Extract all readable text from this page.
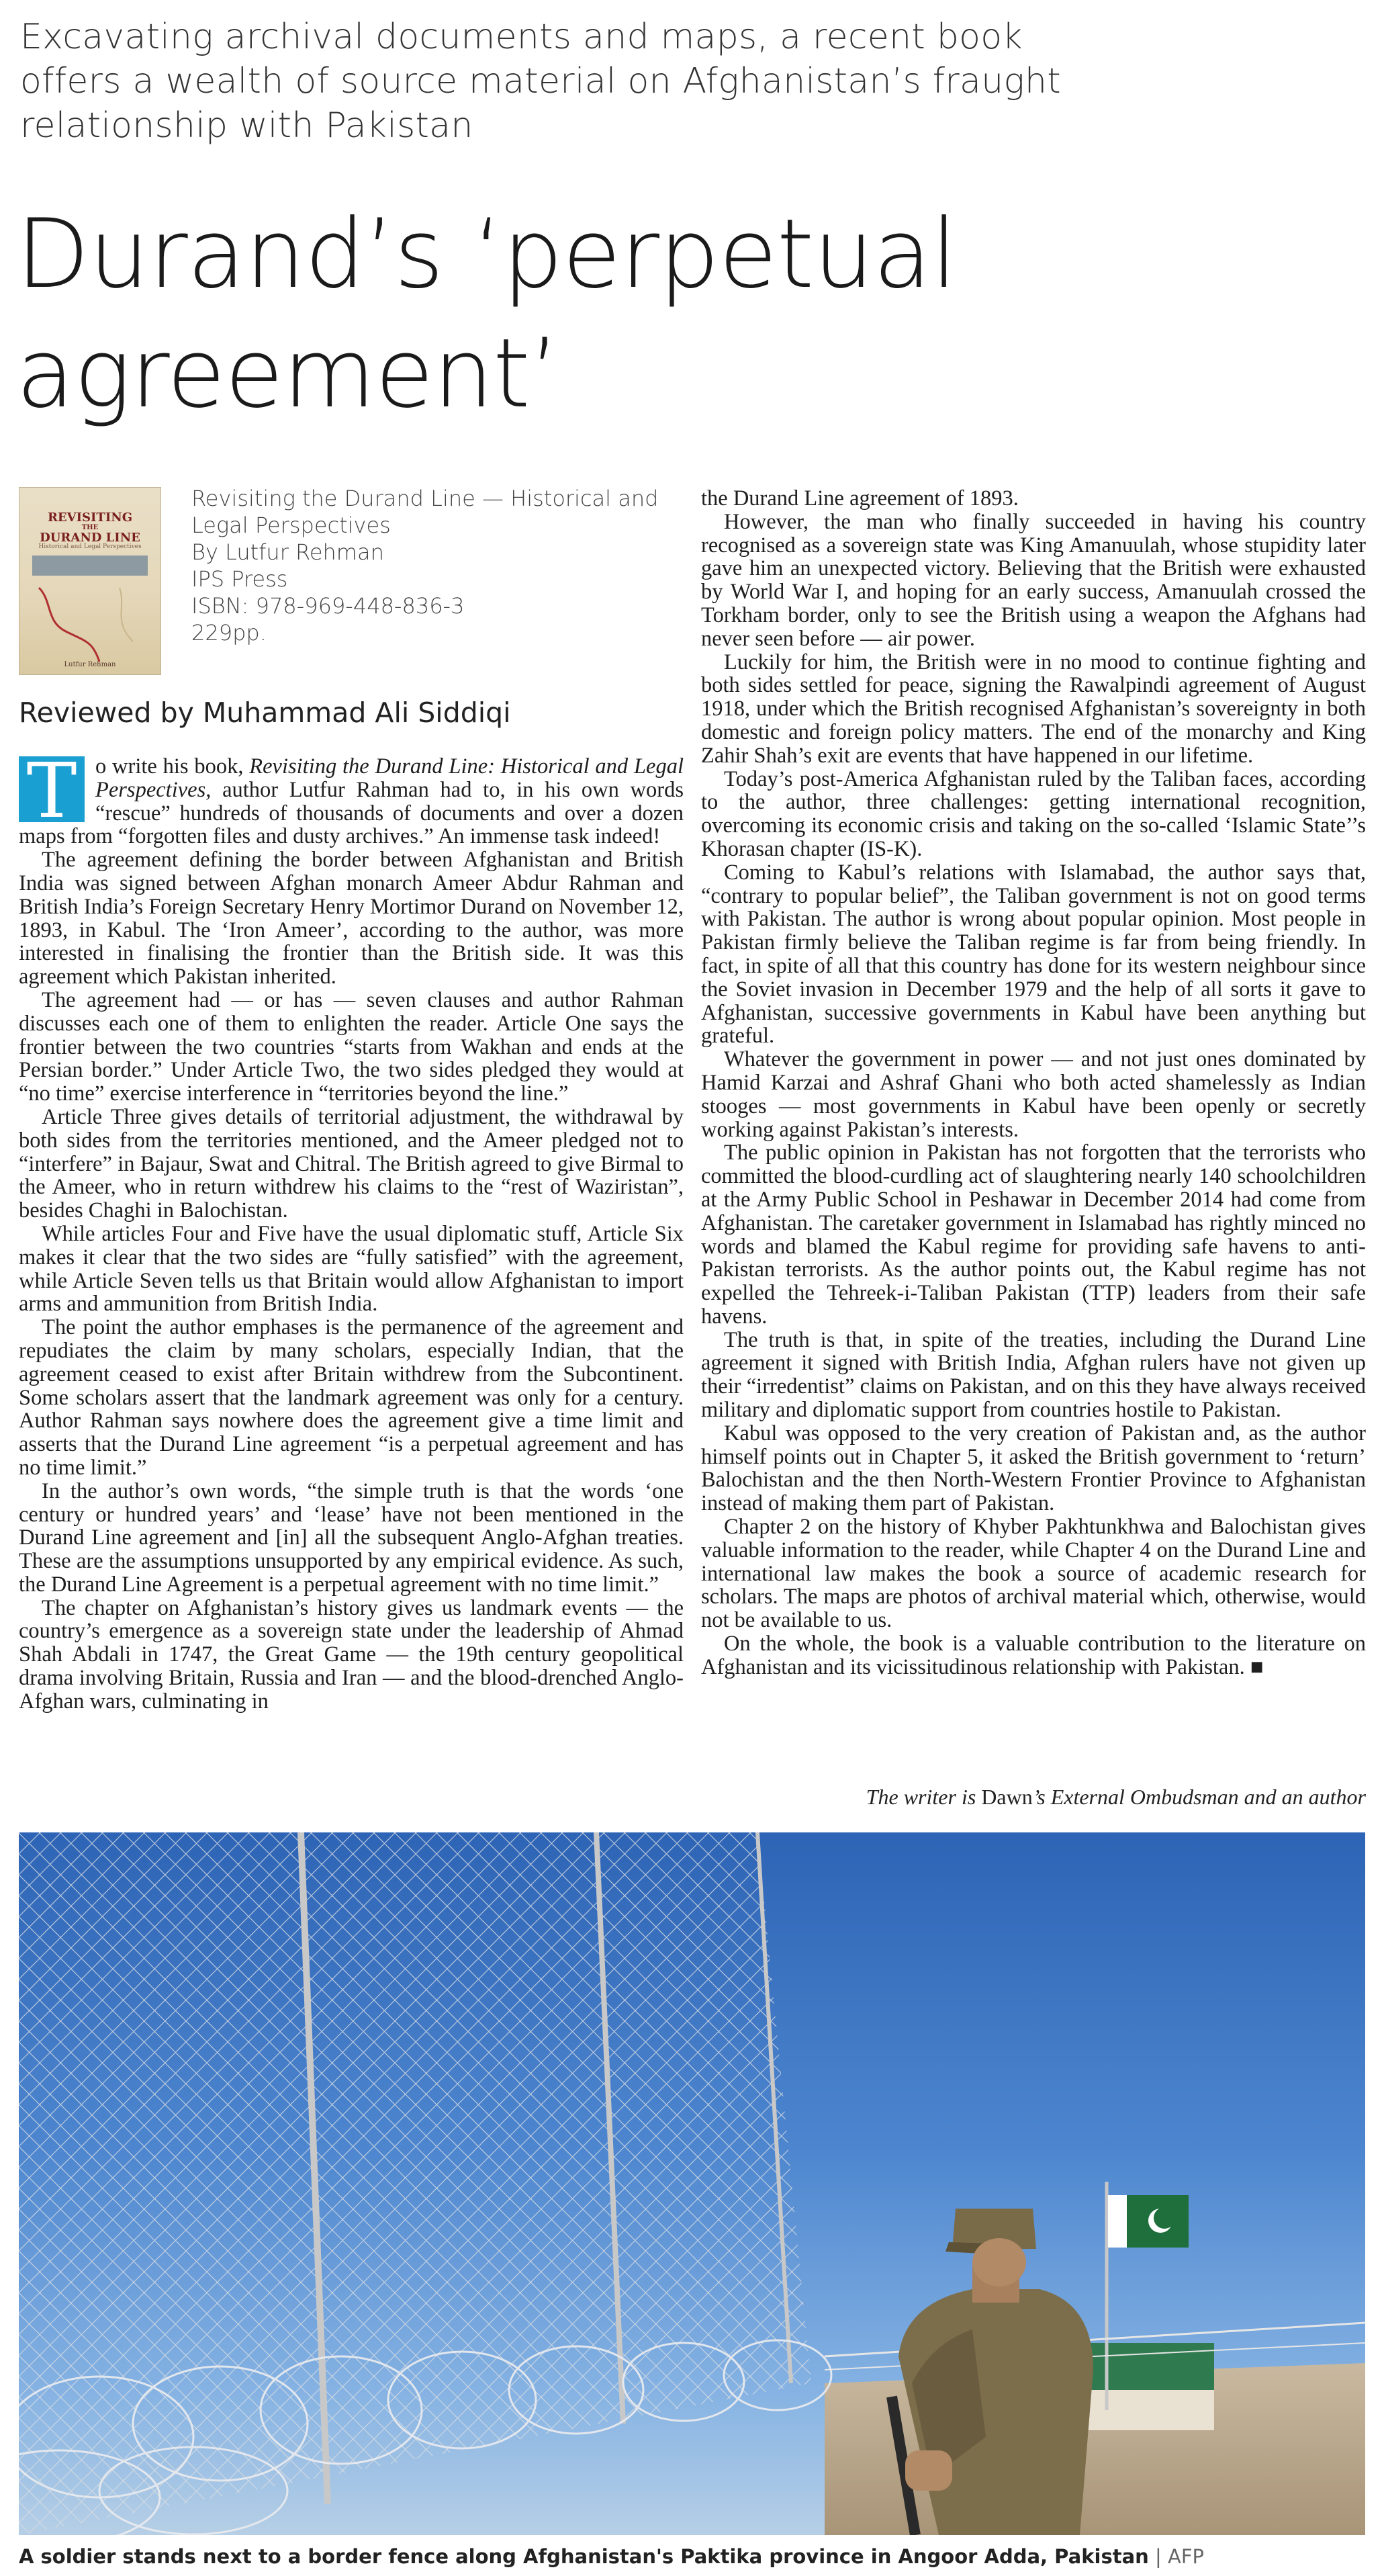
Excavating archival documents and maps, a recent book
offers a wealth of source material on Afghanistan’s fraught
relationship with Pakistan
Durand’s ‘perpetual
agreement’
REVISITING
THE
DURAND LINE
Historical and Legal Perspectives
Lutfur Rehman
Revisiting the Durand Line — Historical and
Legal Perspectives
By Lutfur Rehman
IPS Press
ISBN: 978-969-448-836-3
229pp.
Reviewed by Muhammad Ali Siddiqi

T o write his book, Revisiting the Durand Line: Historical and Legal Perspectives, author Lutfur Rahman had to, in his own words “rescue” hundreds of thousands of documents and over a dozen maps from “forgotten files and dusty archives.” An immense task indeed!

The agreement defining the border between Afghanistan and British India was signed between Afghan monarch Ameer Abdur Rahman and British India’s Foreign Secretary Henry Mortimor Durand on November 12, 1893, in Kabul. The ‘Iron Ameer’, according to the author, was more interested in finalising the frontier than the British side. It was this agreement which Pakistan inherited.

The agreement had — or has — seven clauses and author Rahman discusses each one of them to enlighten the reader. Article One says the frontier between the two countries “starts from Wakhan and ends at the Persian border.” Under Article Two, the two sides pledged they would at “no time” exercise interference in “territories beyond the line.”

Article Three gives details of territorial adjustment, the withdrawal by both sides from the territories mentioned, and the Ameer pledged not to “interfere” in Bajaur, Swat and Chitral. The British agreed to give Birmal to the Ameer, who in return withdrew his claims to the “rest of Waziristan”, besides Chaghi in Balochistan.

While articles Four and Five have the usual diplomatic stuff, Article Six makes it clear that the two sides are “fully satisfied” with the agreement, while Article Seven tells us that Britain would allow Afghanistan to import arms and ammunition from British India.

The point the author emphases is the permanence of the agreement and repudiates the claim by many scholars, especially Indian, that the agreement ceased to exist after Britain withdrew from the Subcontinent. Some scholars assert that the landmark agreement was only for a century. Author Rahman says nowhere does the agreement give a time limit and asserts that the Durand Line agreement “is a perpetual agreement and has no time limit.”

In the author’s own words, “the simple truth is that the words ‘one century or hundred years’ and ‘lease’ have not been mentioned in the Durand Line agreement and [in] all the subsequent Anglo-Afghan treaties. These are the assumptions unsupported by any empirical evidence. As such, the Durand Line Agreement is a perpetual agreement with no time limit.”

The chapter on Afghanistan’s history gives us landmark events — the country’s emergence as a sovereign state under the leadership of Ahmad Shah Abdali in 1747, the Great Game — the 19th century geopolitical drama involving Britain, Russia and Iran — and the blood-drenched Anglo-Afghan wars, culminating in

the Durand Line agreement of 1893.

However, the man who finally succeeded in having his country recognised as a sovereign state was King Amanuulah, whose stupidity later gave him an unexpected victory. Believing that the British were exhausted by World War I, and hoping for an early success, Amanuulah crossed the Torkham border, only to see the British using a weapon the Afghans had never seen before — air power.

Luckily for him, the British were in no mood to continue fighting and both sides settled for peace, signing the Rawalpindi agreement of August 1918, under which the British recognised Afghanistan’s sovereignty in both domestic and foreign policy matters. The end of the monarchy and King Zahir Shah’s exit are events that have happened in our lifetime.

Today’s post-America Afghanistan ruled by the Taliban faces, according to the author, three challenges: getting international recognition, overcoming its economic crisis and taking on the so-called ‘Islamic State’’s Khorasan chapter (IS-K).

Coming to Kabul’s relations with Islamabad, the author says that, “contrary to popular belief”, the Taliban government is not on good terms with Pakistan. The author is wrong about popular opinion. Most people in Pakistan firmly believe the Taliban regime is far from being friendly. In fact, in spite of all that this country has done for its western neighbour since the Soviet invasion in December 1979 and the help of all sorts it gave to Afghanistan, successive governments in Kabul have been anything but grateful.

Whatever the government in power — and not just ones dominated by Hamid Karzai and Ashraf Ghani who both acted shamelessly as Indian stooges — most governments in Kabul have been openly or secretly working against Pakistan’s interests.

The public opinion in Pakistan has not forgotten that the terrorists who committed the blood-curdling act of slaughtering nearly 140 schoolchildren at the Army Public School in Peshawar in December 2014 had come from Afghanistan. The caretaker government in Islamabad has rightly minced no words and blamed the Kabul regime for providing safe havens to anti-Pakistan terrorists. As the author points out, the Kabul regime has not expelled the Tehreek-i-Taliban Pakistan (TTP) leaders from their safe havens.

The truth is that, in spite of the treaties, including the Durand Line agreement it signed with British India, Afghan rulers have not given up their “irredentist” claims on Pakistan, and on this they have always received military and diplomatic support from countries hostile to Pakistan.

Kabul was opposed to the very creation of Pakistan and, as the author himself points out in Chapter 5, it asked the British government to ‘return’ Balochistan and the then North-Western Frontier Province to Afghanistan instead of making them part of Pakistan.

Chapter 2 on the history of Khyber Pakhtunkhwa and Balochistan gives valuable information to the reader, while Chapter 4 on the Durand Line and international law makes the book a source of academic research for scholars. The maps are photos of archival material which, otherwise, would not be available to us.

On the whole, the book is a valuable contribution to the literature on Afghanistan and its vicissitudinous relationship with Pakistan. ■

The writer is Dawn’s External Ombudsman and an author
A soldier stands next to a border fence along Afghanistan's Paktika province in Angoor Adda, Pakistan | AFP
